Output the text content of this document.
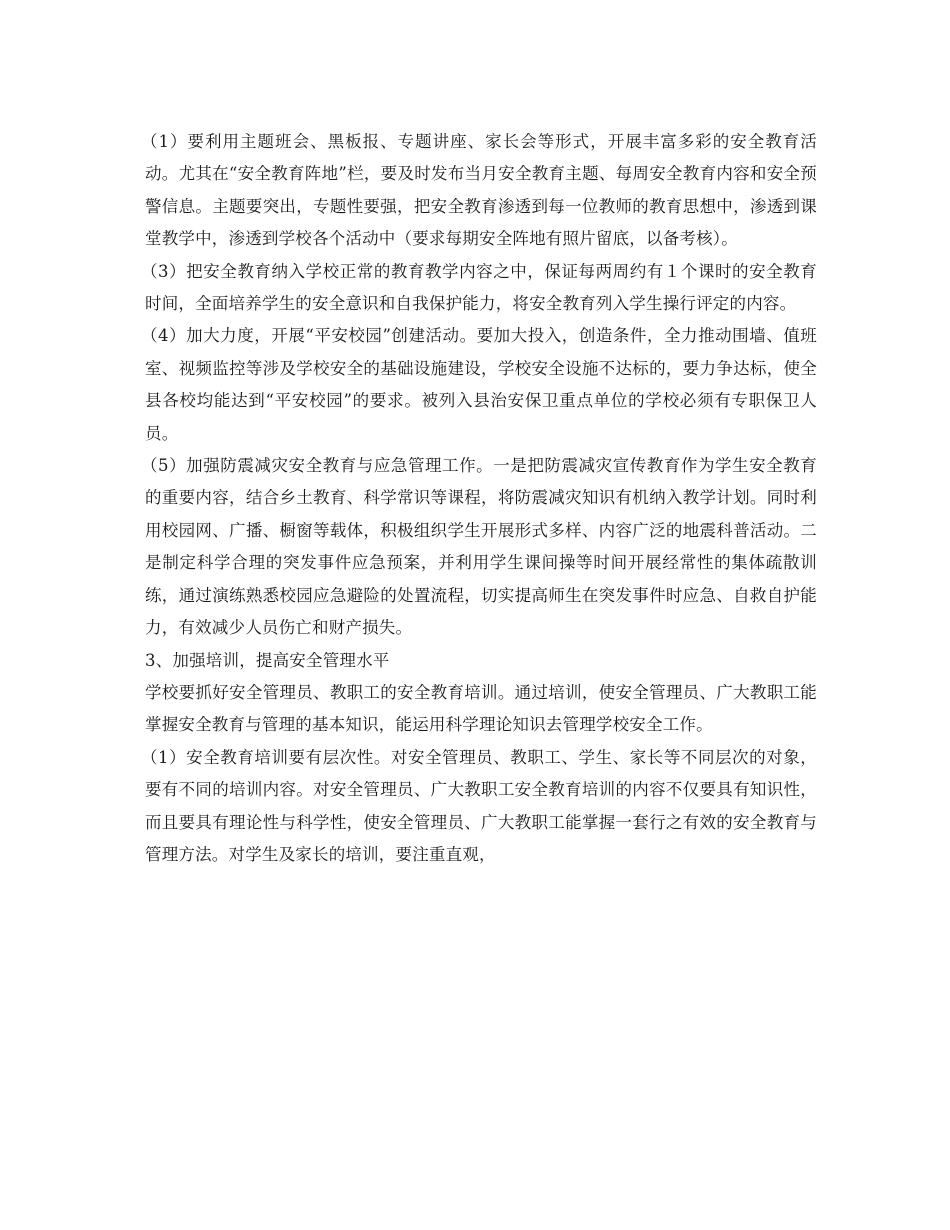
（1）要利用主题班会、黑板报、专题讲座、家长会等形式，开展丰富多彩的安全教育活动。尤其在“安全教育阵地”栏，要及时发布当月安全教育主题、每周安全教育内容和安全预警信息。主题要突出，专题性要强，把安全教育渗透到每一位教师的教育思想中，渗透到课堂教学中，渗透到学校各个活动中（要求每期安全阵地有照片留底，以备考核）。

（3）把安全教育纳入学校正常的教育教学内容之中，保证每两周约有１个课时的安全教育时间，全面培养学生的安全意识和自我保护能力，将安全教育列入学生操行评定的内容。

（4）加大力度，开展“平安校园”创建活动。要加大投入，创造条件，全力推动围墙、值班室、视频监控等涉及学校安全的基础设施建设，学校安全设施不达标的，要力争达标，使全县各校均能达到“平安校园”的要求。被列入县治安保卫重点单位的学校必须有专职保卫人员。

（5）加强防震减灾安全教育与应急管理工作。一是把防震减灾宣传教育作为学生安全教育的重要内容，结合乡土教育、科学常识等课程，将防震减灾知识有机纳入教学计划。同时利用校园网、广播、橱窗等载体，积极组织学生开展形式多样、内容广泛的地震科普活动。二是制定科学合理的突发事件应急预案，并利用学生课间操等时间开展经常性的集体疏散训练，通过演练熟悉校园应急避险的处置流程，切实提高师生在突发事件时应急、自救自护能力，有效减少人员伤亡和财产损失。

3、加强培训，提高安全管理水平

学校要抓好安全管理员、教职工的安全教育培训。通过培训，使安全管理员、广大教职工能掌握安全教育与管理的基本知识，能运用科学理论知识去管理学校安全工作。

（1）安全教育培训要有层次性。对安全管理员、教职工、学生、家长等不同层次的对象，要有不同的培训内容。对安全管理员、广大教职工安全教育培训的内容不仅要具有知识性，而且要具有理论性与科学性，使安全管理员、广大教职工能掌握一套行之有效的安全教育与管理方法。对学生及家长的培训，要注重直观，
